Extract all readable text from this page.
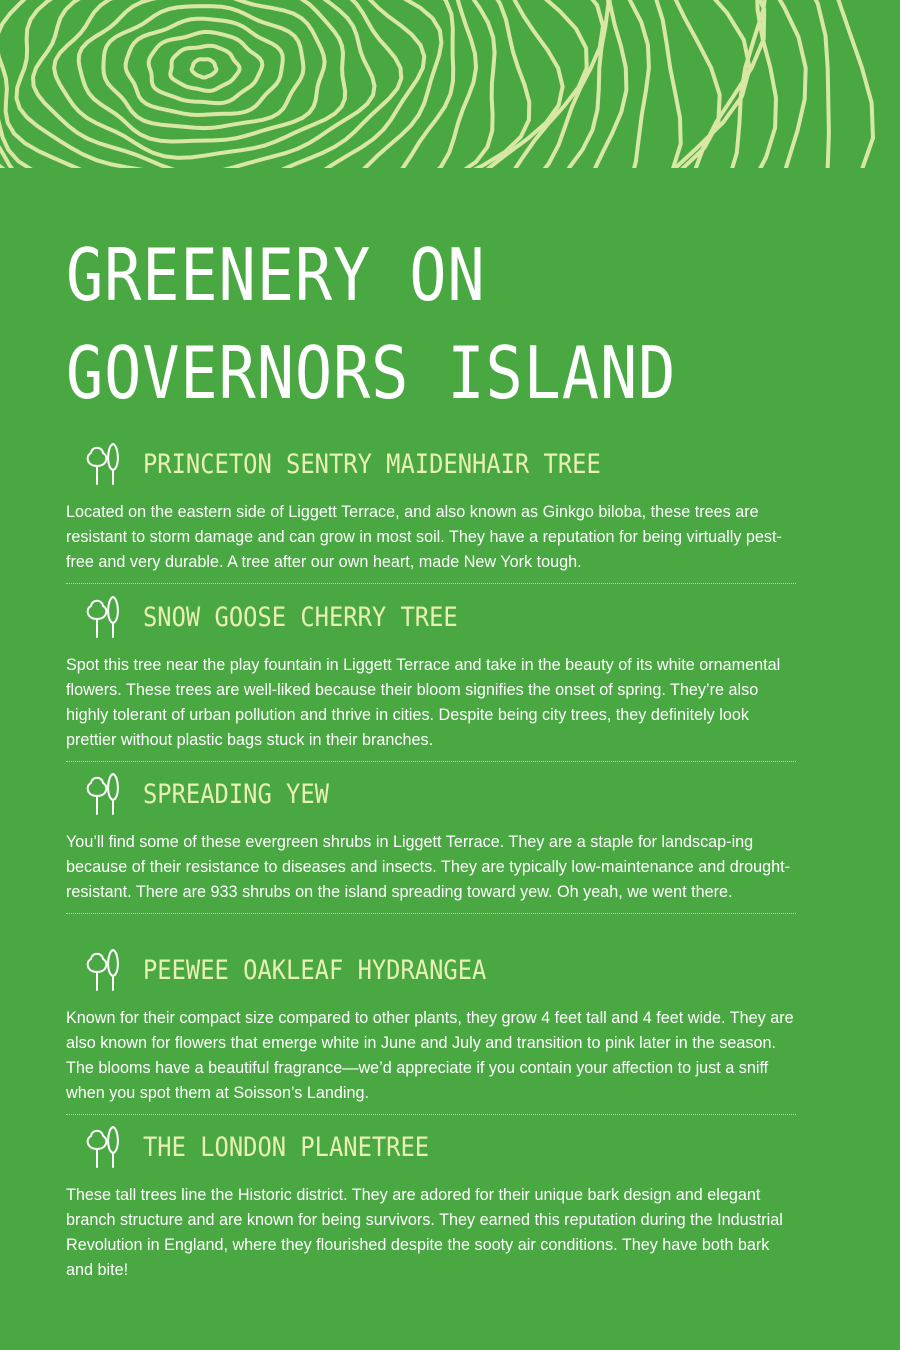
GREENERY ON
GOVERNORS ISLAND
PRINCETON SENTRY MAIDENHAIR TREE

Located on the eastern side of Liggett Terrace, and also known as Ginkgo biloba, these trees are resistant to storm damage and can grow in most soil. They have a reputation for being virtually pest-free and very durable. A tree after our own heart, made New York tough.

SNOW GOOSE CHERRY TREE

Spot this tree near the play fountain in Liggett Terrace and take in the beauty of its white ornamental flowers. These trees are well-liked because their bloom signifies the onset of spring. They’re also highly tolerant of urban pollution and thrive in cities. Despite being city trees, they definitely look prettier without plastic bags stuck in their branches.

SPREADING YEW

You’ll find some of these evergreen shrubs in Liggett Terrace. They are a staple for landscap-ing because of their resistance to diseases and insects. They are typically low-maintenance and drought-resistant. There are 933 shrubs on the island spreading toward yew. Oh yeah, we went there.

PEEWEE OAKLEAF HYDRANGEA

Known for their compact size compared to other plants, they grow 4 feet tall and 4 feet wide. They are also known for flowers that emerge white in June and July and transition to pink later in the season. The blooms have a beautiful fragrance—we’d appreciate if you contain your affection to just a sniff when you spot them at Soisson’s Landing.

THE LONDON PLANETREE

These tall trees line the Historic district. They are adored for their unique bark design and elegant branch structure and are known for being survivors. They earned this reputation during the Industrial Revolution in England, where they flourished despite the sooty air conditions. They have both bark and bite!
